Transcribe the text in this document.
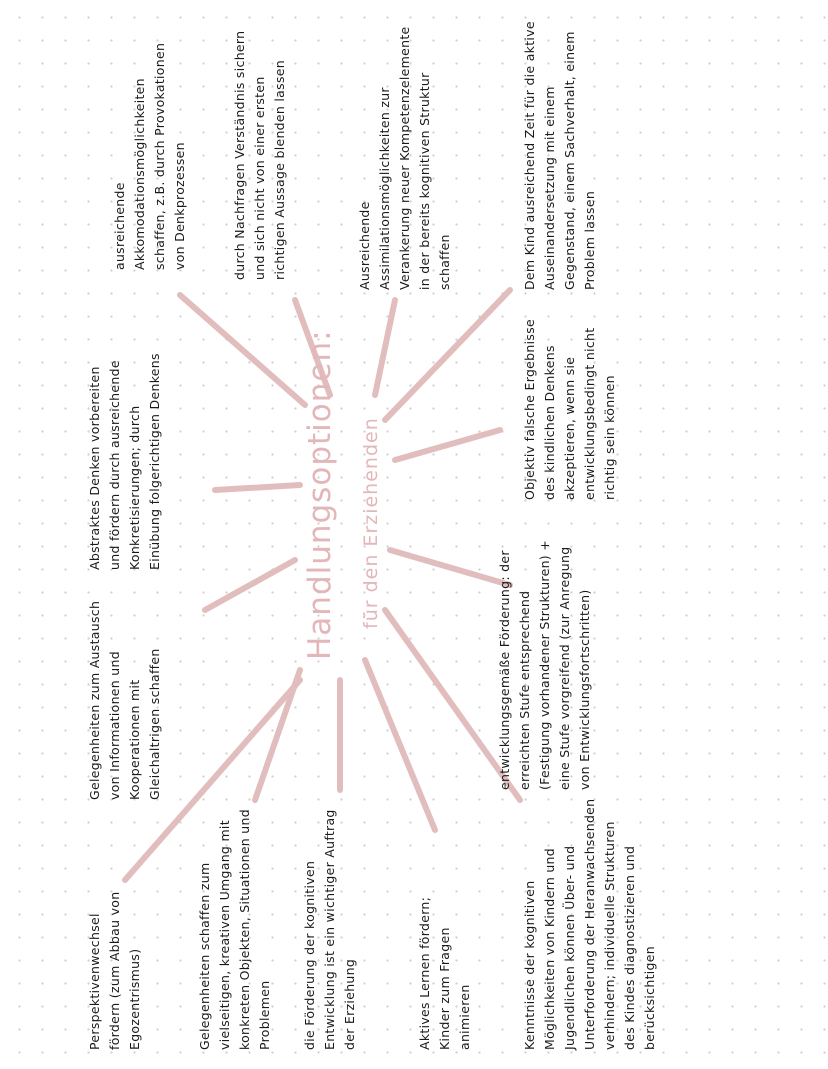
Handlungsoptionen: für den Erziehenden
Perspektivenwechsel fördern (zum Abbau von Egozentrismus)	Gelegenheiten schaffen zum vielseitigen, kreativen Umgang mit konkreten Objekten, Situationen und Problemen die Förderung der kognitiven Entwicklung ist ein wichtiger Auftrag der Erziehung	Aktives Lernen fördern; Kinder zum Fragen animieren	Kenntnisse der kognitiven Möglichkeiten von Kindern und Jugendlichen können Über- und Unterforderung der Heranwachsenden verhindern; individuelle Strukturen des Kindes diagnostizieren und berücksichtigen
Gelegenheiten zum Austausch von Informationen und Kooperationen mit Gleichaltrigen schaffen
Abstraktes Denken vorbereiten und fördern durch ausreichende Konkretisierungen; durch Einübung folgerichtigen Denkens
ausreichende Akkomodationsmöglichkeiten schaffen, z.B. durch Provokationen von Denkprozessen	durch Nachfragen Verständnis sichern und sich nicht von einer ersten richtigen Aussage blenden lassen	Ausreichende Assimilationsmöglichkeiten zur Verankerung neuer Kompetenzelemente in der bereits kognitiven Struktur schaffen	Dem Kind ausreichend Zeit für die aktive Auseinandersetzung mit einem Gegenstand, einem Sachverhalt, einem Problem lassen
Objektiv falsche Ergebnisse des kindlichen Denkens akzeptieren, wenn sie entwicklungsbedingt nicht richtig sein können
entwicklungsgemäße Förderung: der erreichten Stufe entsprechend (Festigung vorhandener Strukturen) + eine Stufe vorgreifend (zur Anregung von Entwicklungsfortschritten)
